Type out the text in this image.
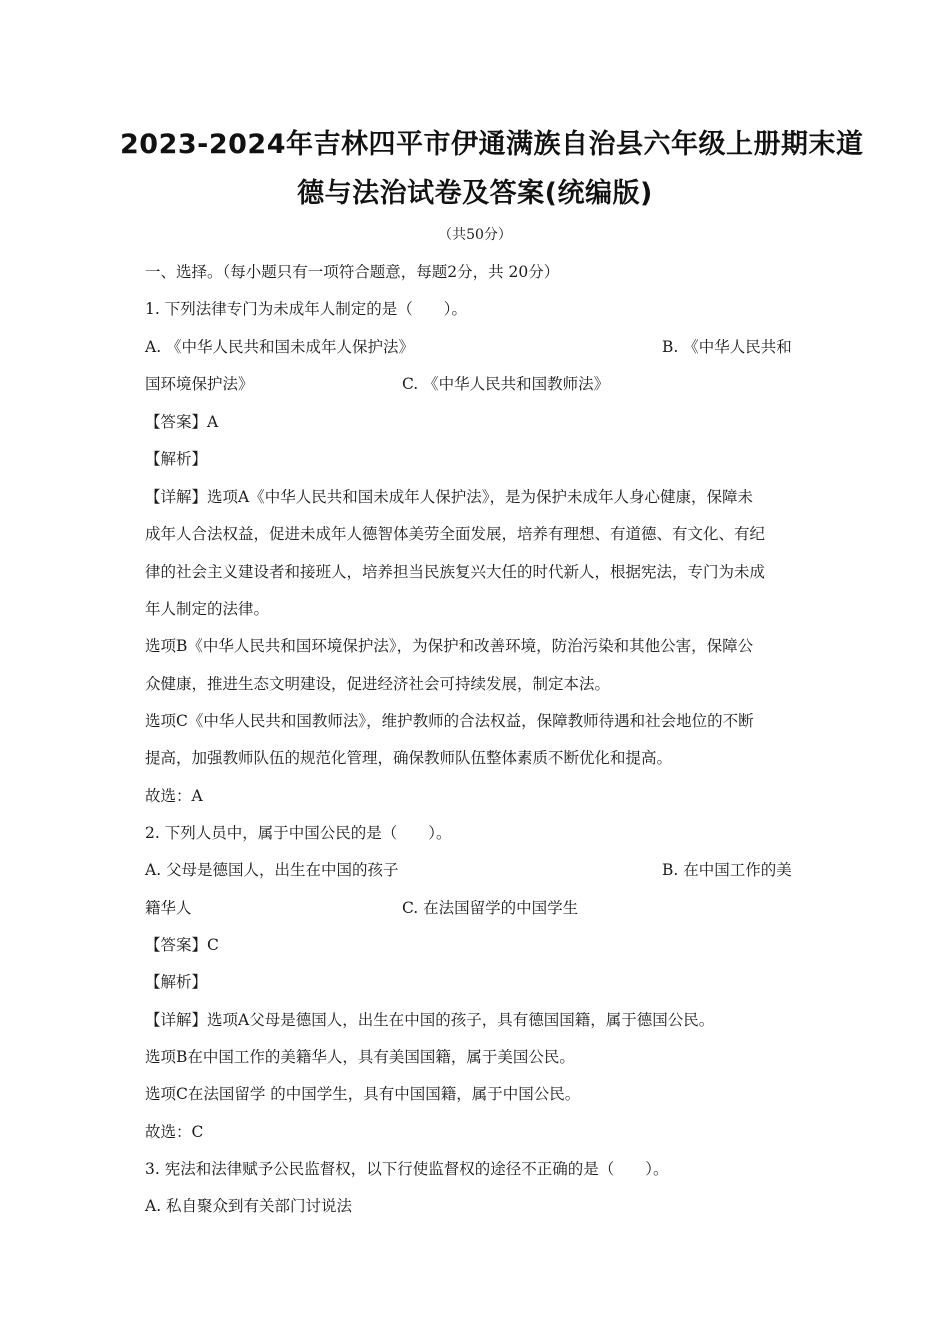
2023-2024年吉林四平市伊通满族自治县六年级上册期末道
德与法治试卷及答案(统编版)
（共50分）
一、选择。（每小题只有一项符合题意，每题2分，共 20分）
1. 下列法律专门为未成年人制定的是（　　）。
A. 《中华人民共和国未成年人保护法》	B. 《中华人民共和
国环境保护法》	C. 《中华人民共和国教师法》
【答案】A
【解析】
【详解】选项A《中华人民共和国未成年人保护法》，是为保护未成年人身心健康，保障未
成年人合法权益，促进未成年人德智体美劳全面发展，培养有理想、有道德、有文化、有纪
律的社会主义建设者和接班人，培养担当民族复兴大任的时代新人，根据宪法，专门为未成
年人制定的法律。
选项B《中华人民共和国环境保护法》，为保护和改善环境，防治污染和其他公害，保障公
众健康，推进生态文明建设，促进经济社会可持续发展，制定本法。
选项C《中华人民共和国教师法》，维护教师的合法权益，保障教师待遇和社会地位的不断
提高，加强教师队伍的规范化管理，确保教师队伍整体素质不断优化和提高。
故选：A
2. 下列人员中，属于中国公民的是（　　）。
A. 父母是德国人，出生在中国的孩子	B. 在中国工作的美
籍华人	C. 在法国留学的中国学生
【答案】C
【解析】
【详解】选项A父母是德国人，出生在中国的孩子，具有德国国籍，属于德国公民。
选项B在中国工作的美籍华人，具有美国国籍，属于美国公民。
选项C在法国留学 的中国学生，具有中国国籍，属于中国公民。
故选：C
3. 宪法和法律赋予公民监督权，以下行使监督权的途径不正确的是（　　）。
A. 私自聚众到有关部门讨说法
